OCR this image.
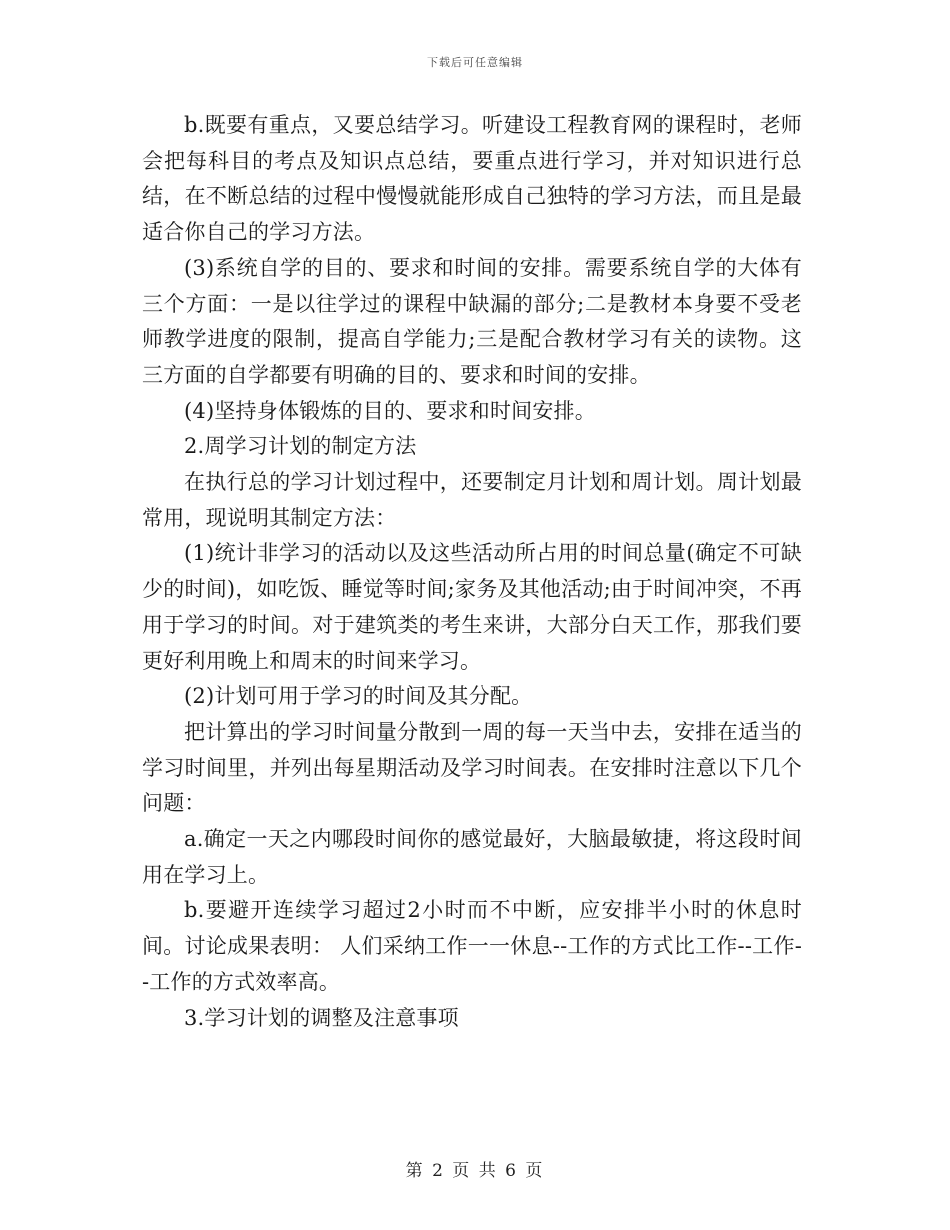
下载后可任意编辑

b.既要有重点，又要总结学习。听建设工程教育网的课程时，老师会把每科目的考点及知识点总结，要重点进行学习，并对知识进行总结，在不断总结的过程中慢慢就能形成自己独特的学习方法，而且是最适合你自己的学习方法。

(3)系统自学的目的、要求和时间的安排。需要系统自学的大体有三个方面：一是以往学过的课程中缺漏的部分;二是教材本身要不受老师教学进度的限制，提高自学能力;三是配合教材学习有关的读物。这三方面的自学都要有明确的目的、要求和时间的安排。

(4)坚持身体锻炼的目的、要求和时间安排。

2.周学习计划的制定方法

在执行总的学习计划过程中，还要制定月计划和周计划。周计划最常用，现说明其制定方法：

(1)统计非学习的活动以及这些活动所占用的时间总量(确定不可缺少的时间)，如吃饭、睡觉等时间;家务及其他活动;由于时间冲突，不再用于学习的时间。对于建筑类的考生来讲，大部分白天工作，那我们要更好利用晚上和周末的时间来学习。

(2)计划可用于学习的时间及其分配。

把计算出的学习时间量分散到一周的每一天当中去，安排在适当的学习时间里，并列出每星期活动及学习时间表。在安排时注意以下几个问题：

a.确定一天之内哪段时间你的感觉最好，大脑最敏捷，将这段时间用在学习上。

b.要避开连续学习超过2小时而不中断，应安排半小时的休息时间。讨论成果表明： 人们采纳工作一一休息--工作的方式比工作--工作--工作的方式效率高。

3.学习计划的调整及注意事项

第 2 页 共 6 页
